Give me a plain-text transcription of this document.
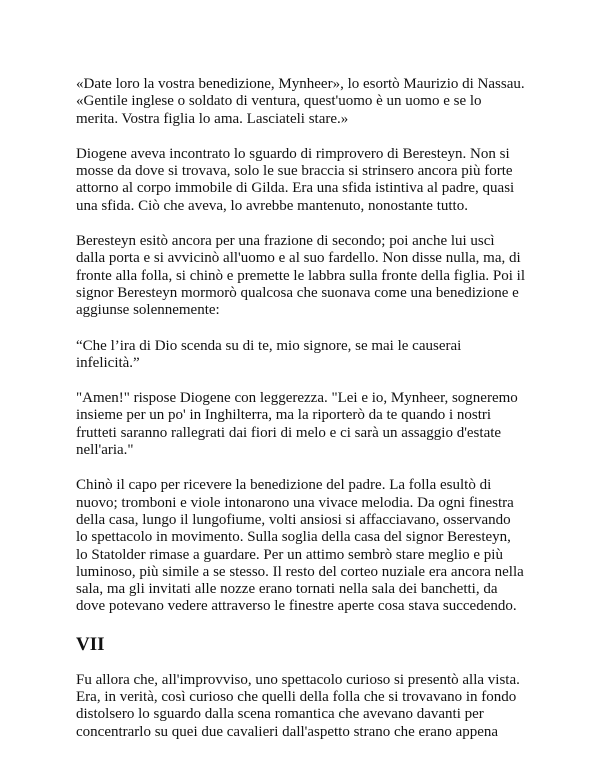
«Date loro la vostra benedizione, Mynheer», lo esortò Maurizio di Nassau. «Gentile inglese o soldato di ventura, quest'uomo è un uomo e se lo merita. Vostra figlia lo ama. Lasciateli stare.»

Diogene aveva incontrato lo sguardo di rimprovero di Beresteyn. Non si mosse da dove si trovava, solo le sue braccia si strinsero ancora più forte attorno al corpo immobile di Gilda. Era una sfida istintiva al padre, quasi una sfida. Ciò che aveva, lo avrebbe mantenuto, nonostante tutto.

Beresteyn esitò ancora per una frazione di secondo; poi anche lui uscì dalla porta e si avvicinò all'uomo e al suo fardello. Non disse nulla, ma, di fronte alla folla, si chinò e premette le labbra sulla fronte della figlia. Poi il signor Beresteyn mormorò qualcosa che suonava come una benedizione e aggiunse solennemente:

“Che l’ira di Dio scenda su di te, mio signore, se mai le causerai infelicità.”

"Amen!" rispose Diogene con leggerezza. "Lei e io, Mynheer, sogneremo insieme per un po' in Inghilterra, ma la riporterò da te quando i nostri frutteti saranno rallegrati dai fiori di melo e ci sarà un assaggio d'estate nell'aria."

Chinò il capo per ricevere la benedizione del padre. La folla esultò di nuovo; tromboni e viole intonarono una vivace melodia. Da ogni finestra della casa, lungo il lungofiume, volti ansiosi si affacciavano, osservando lo spettacolo in movimento. Sulla soglia della casa del signor Beresteyn, lo Statolder rimase a guardare. Per un attimo sembrò stare meglio e più luminoso, più simile a se stesso. Il resto del corteo nuziale era ancora nella sala, ma gli invitati alle nozze erano tornati nella sala dei banchetti, da dove potevano vedere attraverso le finestre aperte cosa stava succedendo.

VII

Fu allora che, all'improvviso, uno spettacolo curioso si presentò alla vista. Era, in verità, così curioso che quelli della folla che si trovavano in fondo distolsero lo sguardo dalla scena romantica che avevano davanti per concentrarlo su quei due cavalieri dall'aspetto strano che erano appena
